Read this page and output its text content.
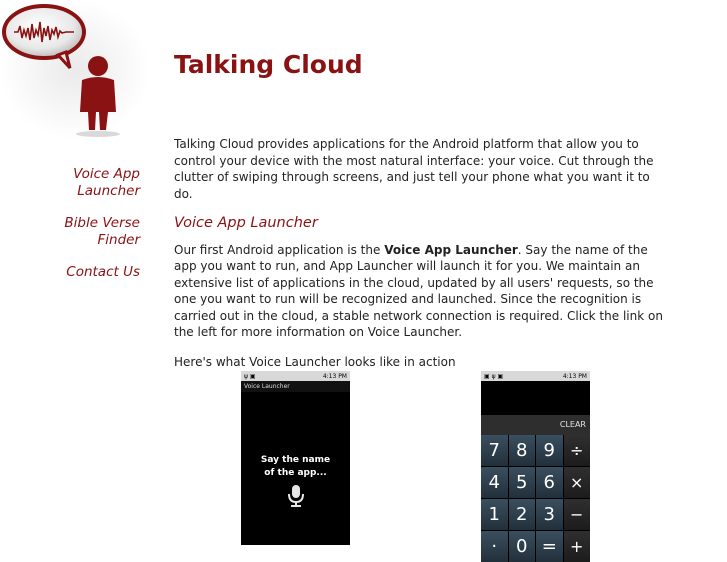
Talking Cloud
Voice App
Launcher
Bible Verse
Finder
Contact Us

Talking Cloud provides applications for the Android platform that allow you to control your device with the most natural interface: your voice. Cut through the clutter of swiping through screens, and just tell your phone what you want it to do.

Voice App Launcher

Our first Android application is the Voice App Launcher. Say the name of the app you want to run, and App Launcher will launch it for you. We maintain an extensive list of applications in the cloud, updated by all users' requests, so the one you want to run will be recognized and launched. Since the recognition is carried out in the cloud, a stable network connection is required. Click the link on the left for more information on Voice Launcher.

Here's what Voice Launcher looks like in action

ψ ▣	4:13 PM
Voice Launcher
Say the name
of the app...
▣ ψ ▣	4:13 PM
CLEAR
7 8 9 ÷
4 5 6 ×
1 2 3 −
·	0 = +
